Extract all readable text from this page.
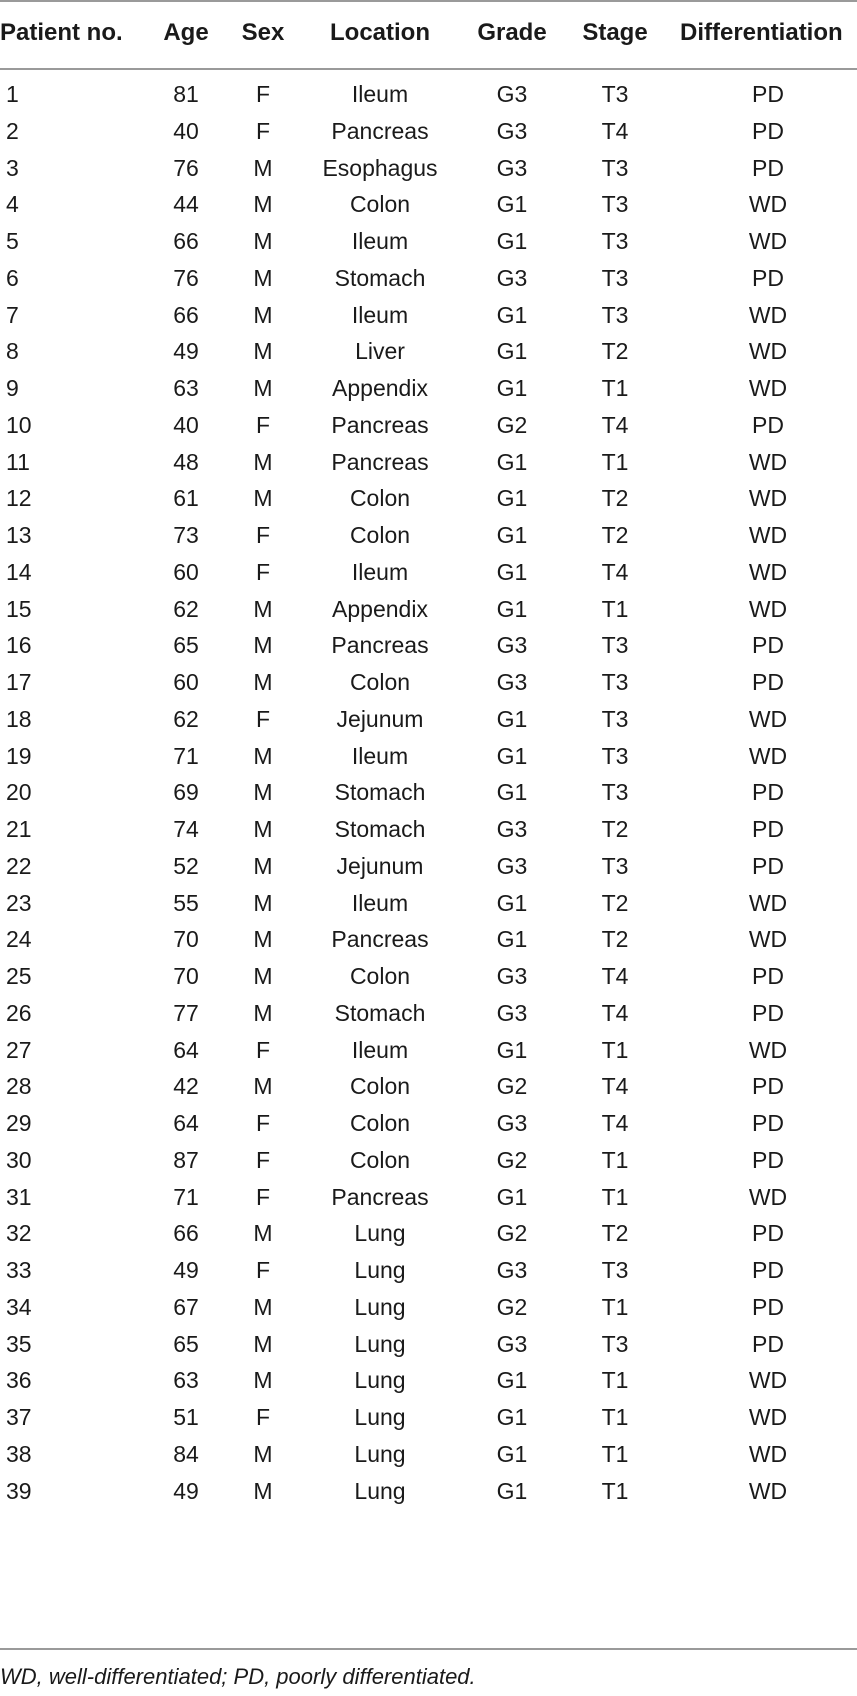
Patient no.	Age	Sex	Location	Grade	Stage	Differentiation
1	81	F	Ileum	G3	T3	PD
2	40	F	Pancreas	G3	T4	PD
3	76	M	Esophagus	G3	T3	PD
4	44	M	Colon	G1	T3	WD
5	66	M	Ileum	G1	T3	WD
6	76	M	Stomach	G3	T3	PD
7	66	M	Ileum	G1	T3	WD
8	49	M	Liver	G1	T2	WD
9	63	M	Appendix	G1	T1	WD
10	40	F	Pancreas	G2	T4	PD
11	48	M	Pancreas	G1	T1	WD
12	61	M	Colon	G1	T2	WD
13	73	F	Colon	G1	T2	WD
14	60	F	Ileum	G1	T4	WD
15	62	M	Appendix	G1	T1	WD
16	65	M	Pancreas	G3	T3	PD
17	60	M	Colon	G3	T3	PD
18	62	F	Jejunum	G1	T3	WD
19	71	M	Ileum	G1	T3	WD
20	69	M	Stomach	G1	T3	PD
21	74	M	Stomach	G3	T2	PD
22	52	M	Jejunum	G3	T3	PD
23	55	M	Ileum	G1	T2	WD
24	70	M	Pancreas	G1	T2	WD
25	70	M	Colon	G3	T4	PD
26	77	M	Stomach	G3	T4	PD
27	64	F	Ileum	G1	T1	WD
28	42	M	Colon	G2	T4	PD
29	64	F	Colon	G3	T4	PD
30	87	F	Colon	G2	T1	PD
31	71	F	Pancreas	G1	T1	WD
32	66	M	Lung	G2	T2	PD
33	49	F	Lung	G3	T3	PD
34	67	M	Lung	G2	T1	PD
35	65	M	Lung	G3	T3	PD
36	63	M	Lung	G1	T1	WD
37	51	F	Lung	G1	T1	WD
38	84	M	Lung	G1	T1	WD
39	49	M	Lung	G1	T1	WD
WD, well-differentiated; PD, poorly differentiated.
